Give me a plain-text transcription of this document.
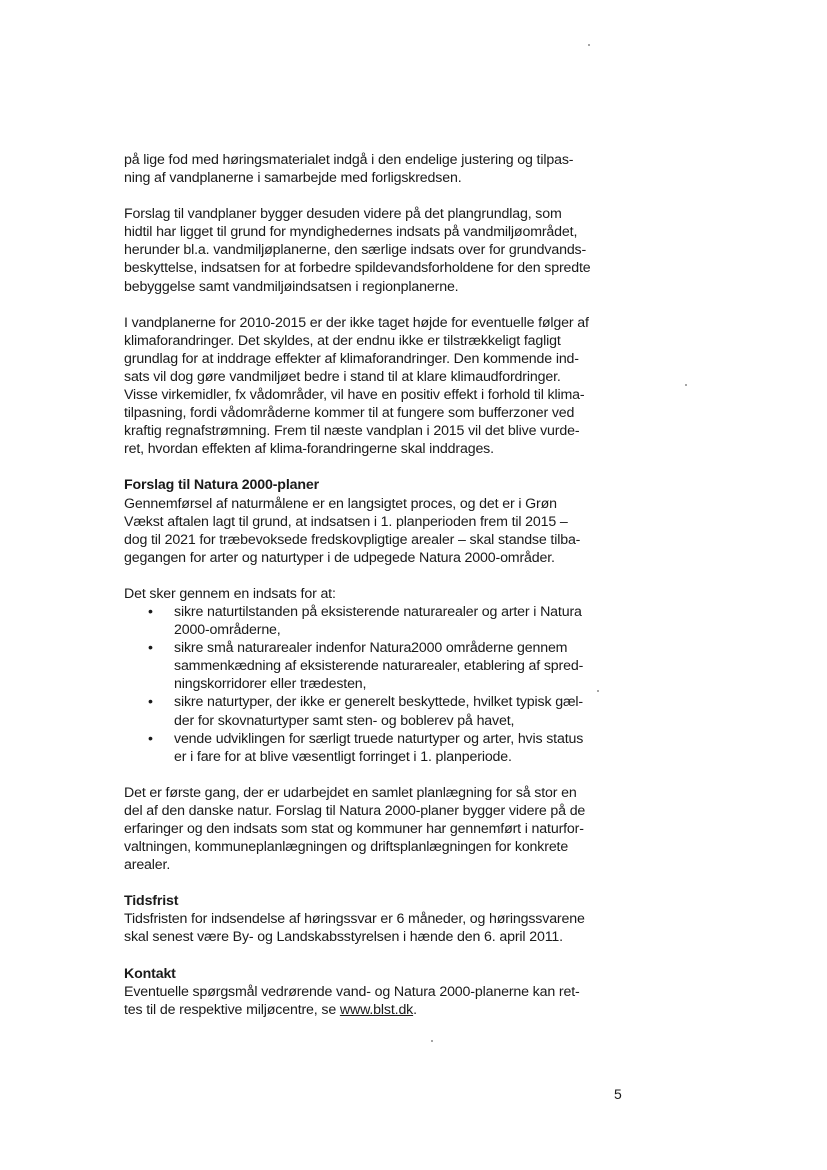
på lige fod med høringsmaterialet indgå i den endelige justering og tilpas-
ning af vandplanerne i samarbejde med forligskredsen.

Forslag til vandplaner bygger desuden videre på det plangrundlag, som
hidtil har ligget til grund for myndighedernes indsats på vandmiljøområdet,
herunder bl.a. vandmiljøplanerne, den særlige indsats over for grundvands-
beskyttelse, indsatsen for at forbedre spildevandsforholdene for den spredte
bebyggelse samt vandmiljøindsatsen i regionplanerne.

I vandplanerne for 2010-2015 er der ikke taget højde for eventuelle følger af
klimaforandringer. Det skyldes, at der endnu ikke er tilstrækkeligt fagligt
grundlag for at inddrage effekter af klimaforandringer. Den kommende ind-
sats vil dog gøre vandmiljøet bedre i stand til at klare klimaudfordringer.
Visse virkemidler, fx vådområder, vil have en positiv effekt i forhold til klima-
tilpasning, fordi vådområderne kommer til at fungere som bufferzoner ved
kraftig regnafstrømning. Frem til næste vandplan i 2015 vil det blive vurde-
ret, hvordan effekten af klima-forandringerne skal inddrages.

Forslag til Natura 2000-planer

Gennemførsel af naturmålene er en langsigtet proces, og det er i Grøn
Vækst aftalen lagt til grund, at indsatsen i 1. planperioden frem til 2015 –
dog til 2021 for træbevoksede fredskovpligtige arealer – skal standse tilba-
gegangen for arter og naturtyper i de udpegede Natura 2000-områder.

Det sker gennem en indsats for at:

• sikre naturtilstanden på eksisterende naturarealer og arter i Natura
2000-områderne,
• sikre små naturarealer indenfor Natura2000 områderne gennem
sammenkædning af eksisterende naturarealer, etablering af spred-
ningskorridorer eller trædesten,
• sikre naturtyper, der ikke er generelt beskyttede, hvilket typisk gæl-
der for skovnaturtyper samt sten- og boblerev på havet,
• vende udviklingen for særligt truede naturtyper og arter, hvis status
er i fare for at blive væsentligt forringet i 1. planperiode.

Det er første gang, der er udarbejdet en samlet planlægning for så stor en
del af den danske natur. Forslag til Natura 2000-planer bygger videre på de
erfaringer og den indsats som stat og kommuner har gennemført i naturfor-
valtningen, kommuneplanlægningen og driftsplanlægningen for konkrete
arealer.

Tidsfrist

Tidsfristen for indsendelse af høringssvar er 6 måneder, og høringssvarene
skal senest være By- og Landskabsstyrelsen i hænde den 6. april 2011.

Kontakt

Eventuelle spørgsmål vedrørende vand- og Natura 2000-planerne kan ret-
tes til de respektive miljøcentre, se www.blst.dk.

5
